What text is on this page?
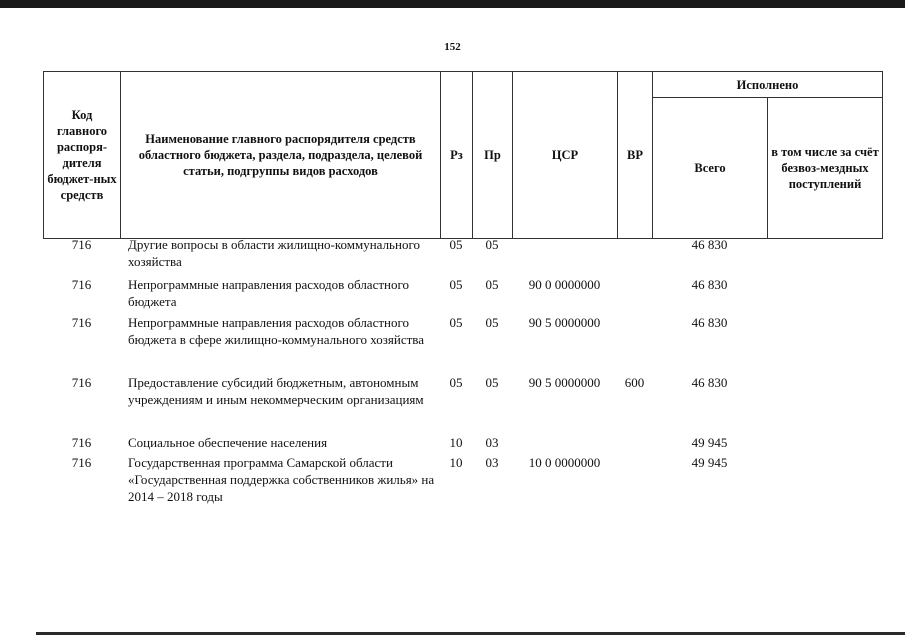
152
Код главного распоря-дителя бюджет-ных средств	Наименование главного распорядителя средств областного бюджета, раздела, подраздела, целевой статьи, подгруппы видов расходов	Рз	Пр	ЦСР	ВР	Исполнено	
						Всего	в том числе за счёт безвоз-мездных поступлений
716	Другие вопросы в области жилищно-коммунального хозяйства	05	05			46 830	
716	Непрограммные направления расходов областного бюджета	05	05	90 0 0000000		46 830	
716	Непрограммные направления расходов областного бюджета в сфере жилищно-коммунального хозяйства	05	05	90 5 0000000		46 830	
716	Предоставление субсидий бюджетным, автономным учреждениям и иным некоммерческим организациям	05	05	90 5 0000000	600	46 830	
716	Социальное обеспечение населения	10	03			49 945	
716	Государственная программа Самарской области «Государственная поддержка собственников жилья» на 2014 – 2018 годы	10	03	10 0 0000000		49 945	
